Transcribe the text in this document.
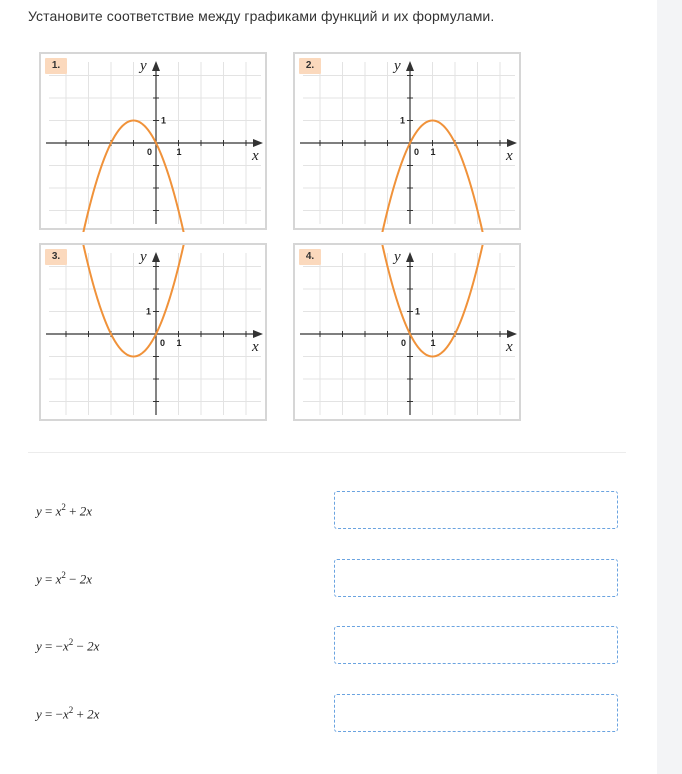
Установите соответствие между графиками функций и их формулами.
x
y
0	1
1
1.
x
y
0 1
1
2.
x
y
0 1
1
3.
x
y
0	1
1
4.
$y = x^2 + 2x$
$y = x^2 - 2x$
$y = -x^2 - 2x$
$y = -x^2 + 2x$
